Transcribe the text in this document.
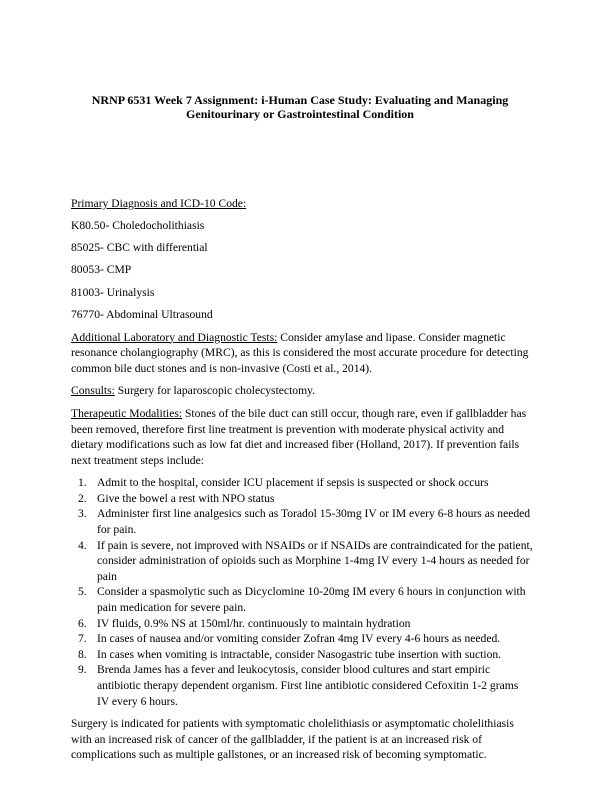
NRNP 6531 Week 7 Assignment: i-Human Case Study: Evaluating and Managing
Genitourinary or Gastrointestinal Condition

Primary Diagnosis and ICD-10 Code:

K80.50- Choledocholithiasis

85025- CBC with differential

80053- CMP

81003- Urinalysis

76770- Abdominal Ultrasound

Additional Laboratory and Diagnostic Tests: Consider amylase and lipase. Consider magnetic resonance cholangiography (MRC), as this is considered the most accurate procedure for detecting common bile duct stones and is non-invasive (Costi et al., 2014).

Consults: Surgery for laparoscopic cholecystectomy.

Therapeutic Modalities: Stones of the bile duct can still occur, though rare, even if gallbladder has been removed, therefore first line treatment is prevention with moderate physical activity and dietary modifications such as low fat diet and increased fiber (Holland, 2017). If prevention fails next treatment steps include:

1. Admit to the hospital, consider ICU placement if sepsis is suspected or shock occurs
2. Give the bowel a rest with NPO status
3. Administer first line analgesics such as Toradol 15-30mg IV or IM every 6-8 hours as needed for pain.
4. If pain is severe, not improved with NSAIDs or if NSAIDs are contraindicated for the patient, consider administration of opioids such as Morphine 1-4mg IV every 1-4 hours as needed for pain
5. Consider a spasmolytic such as Dicyclomine 10-20mg IM every 6 hours in conjunction with pain medication for severe pain.
6. IV fluids, 0.9% NS at 150ml/hr. continuously to maintain hydration
7. In cases of nausea and/or vomiting consider Zofran 4mg IV every 4-6 hours as needed.
8. In cases when vomiting is intractable, consider Nasogastric tube insertion with suction.
9. Brenda James has a fever and leukocytosis, consider blood cultures and start empiric antibiotic therapy dependent organism. First line antibiotic considered Cefoxitin 1-2 grams IV every 6 hours.

Surgery is indicated for patients with symptomatic cholelithiasis or asymptomatic cholelithiasis with an increased risk of cancer of the gallbladder, if the patient is at an increased risk of complications such as multiple gallstones, or an increased risk of becoming symptomatic.
